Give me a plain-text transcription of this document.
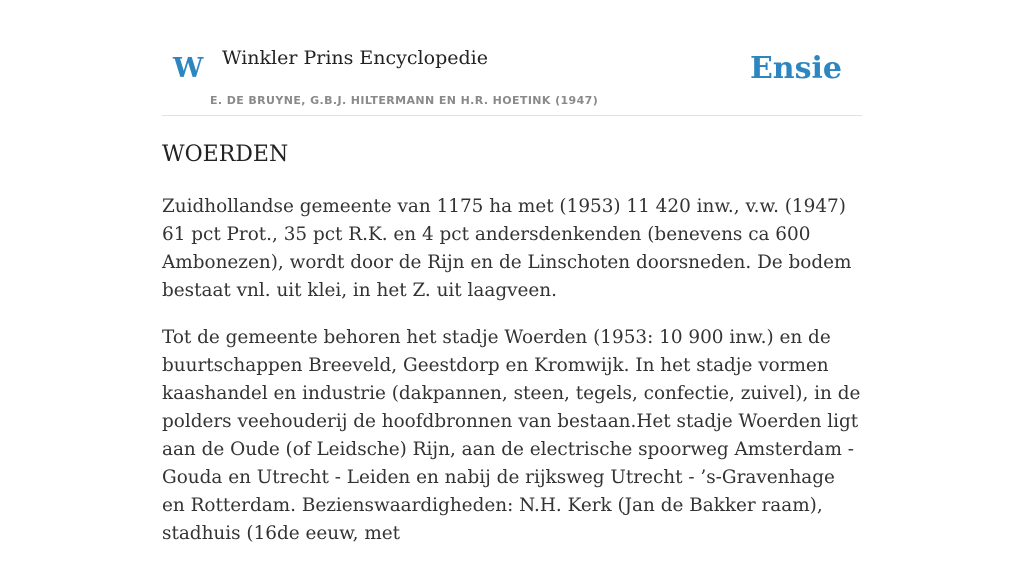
W Winkler Prins Encyclopedie
E. DE BRUYNE, G.B.J. HILTERMANN EN H.R. HOETINK (1947)
Ensie
WOERDEN

Zuidhollandse gemeente van 1175 ha met (1953) 11 420 inw., v.w. (1947) 61 pct Prot., 35 pct R.K. en 4 pct andersdenkenden (benevens ca 600 Ambonezen), wordt door de Rijn en de Linschoten doorsneden. De bodem bestaat vnl. uit klei, in het Z. uit laagveen.

Tot de gemeente behoren het stadje Woerden (1953: 10 900 inw.) en de buurtschappen Breeveld, Geestdorp en Kromwijk. In het stadje vormen kaashandel en industrie (dakpannen, steen, tegels, confectie, zuivel), in de polders veehouderij de hoofdbronnen van bestaan.Het stadje Woerden ligt aan de Oude (of Leidsche) Rijn, aan de electrische spoorweg Amsterdam - Gouda en Utrecht - Leiden en nabij de rijksweg Utrecht - ’s-Gravenhage en Rotterdam. Bezienswaardigheden: N.H. Kerk (Jan de Bakker raam), stadhuis (16de eeuw, met
